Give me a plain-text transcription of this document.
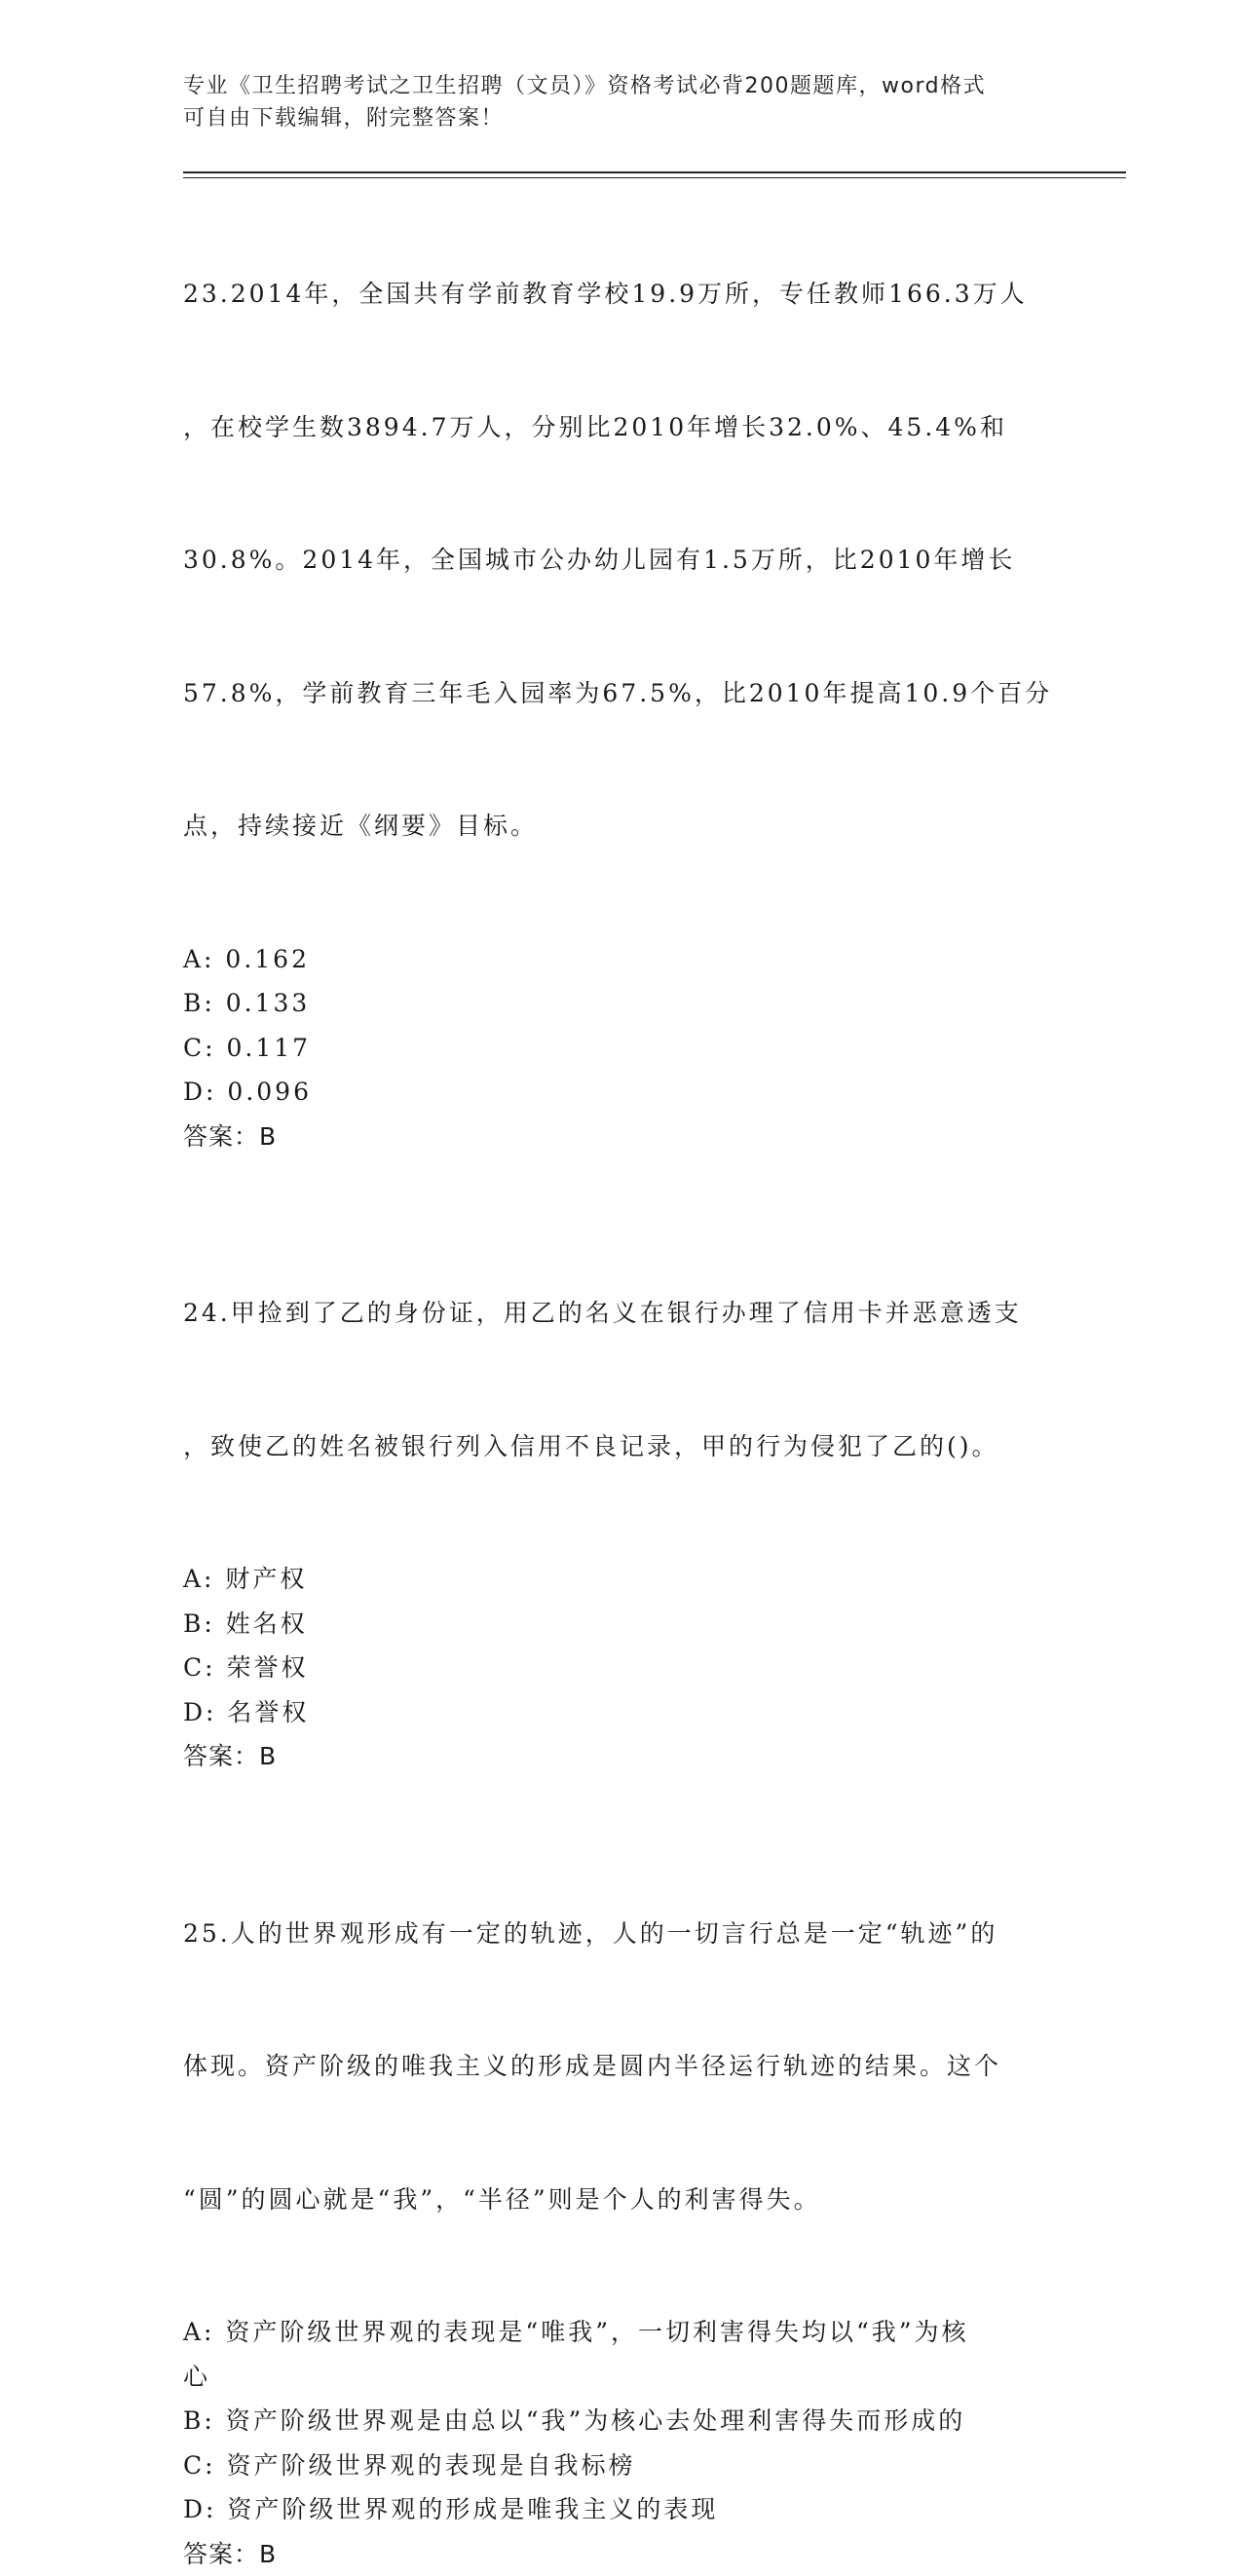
专业《卫生招聘考试之卫生招聘（文员）》资格考试必背200题题库，word格式
可自由下载编辑，附完整答案！

23.2014年，全国共有学前教育学校19.9万所，专任教师166.3万人

，在校学生数3894.7万人，分别比2010年增长32.0%、45.4%和

30.8%。2014年，全国城市公办幼儿园有1.5万所，比2010年增长

57.8%，学前教育三年毛入园率为67.5%，比2010年提高10.9个百分

点，持续接近《纲要》目标。

A: 0.162
B: 0.133
C: 0.117
D: 0.096
答案：B

24.甲捡到了乙的身份证，用乙的名义在银行办理了信用卡并恶意透支

，致使乙的姓名被银行列入信用不良记录，甲的行为侵犯了乙的()。

A: 财产权
B: 姓名权
C: 荣誉权
D: 名誉权
答案：B

25.人的世界观形成有一定的轨迹，人的一切言行总是一定“轨迹”的

体现。资产阶级的唯我主义的形成是圆内半径运行轨迹的结果。这个

“圆”的圆心就是“我”，“半径”则是个人的利害得失。

A: 资产阶级世界观的表现是“唯我”，一切利害得失均以“我”为核
心
B: 资产阶级世界观是由总以“我”为核心去处理利害得失而形成的
C: 资产阶级世界观的表现是自我标榜
D: 资产阶级世界观的形成是唯我主义的表现
答案：B
